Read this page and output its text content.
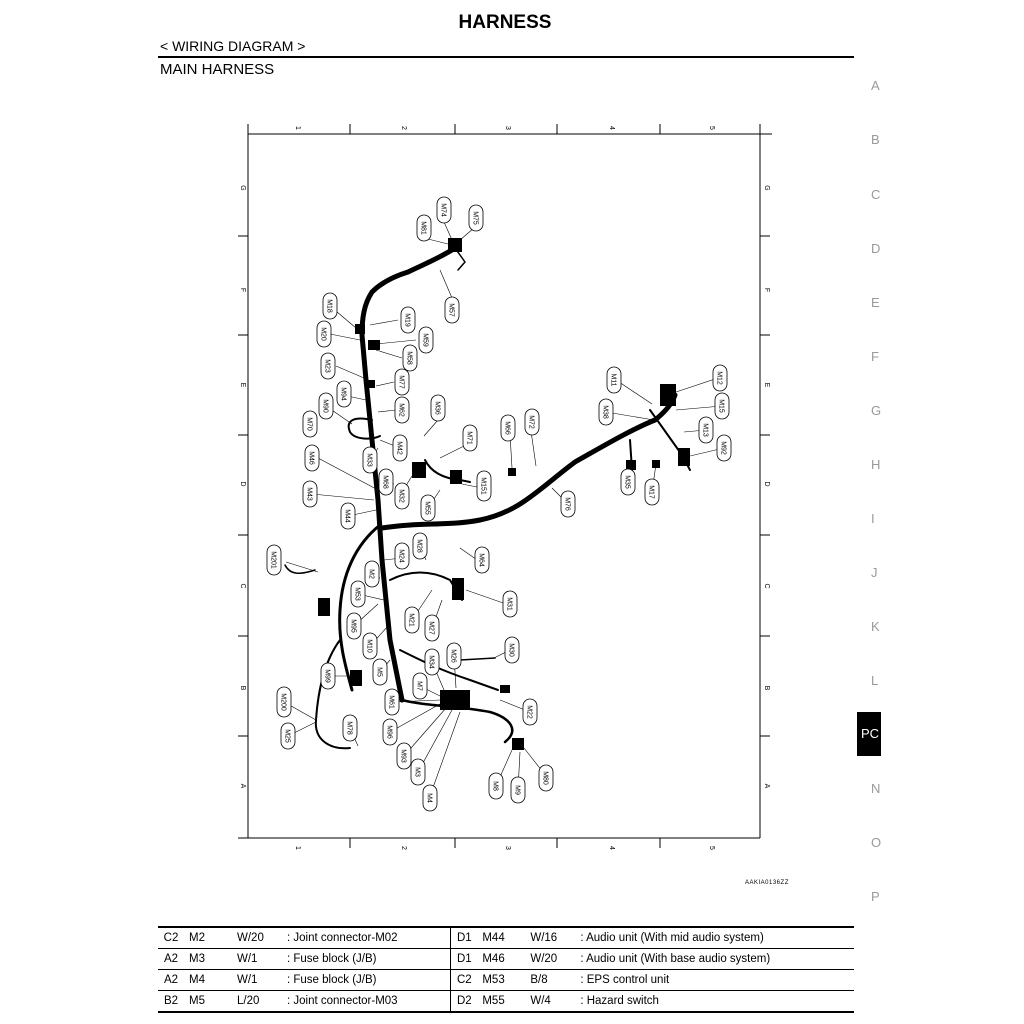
HARNESS
< WIRING DIAGRAM >
MAIN HARNESS
A
B
C
D
E
F
G
H
I
J
K
L
PC
N
O
P
1	2	3	4	5
1	2	3	4	5
G
F
E
D
C
B
A
G
F
E
D
C
B
A
M81
M74
M75
M57
M18
M19
M20	M59
M58
M23
M77
M94
M90	M62	M36
M70
M42
M71
M33
M66 M72
M46
M68
M43	M32
M151
M55
M44
M24
M28
M64
M201
M2
M53
M31
M21
M95	M27
M10	M30
M26
M5
M34
M99
M7
M200	M61
M22
M78	M96
M25
M93
M3
M4
M8 M9
M80
M11	M12
M38	M15
M13
M92
M35
M17
M76
AAKIA0136ZZ
C2	M2	W/20	: Joint connector-M02	D1	M44	W/16	: Audio unit (With mid audio system)
A2	M3	W/1	: Fuse block (J/B)	D1	M46	W/20	: Audio unit (With base audio system)
A2	M4	W/1	: Fuse block (J/B)	C2	M53	B/8	: EPS control unit
B2	M5	L/20	: Joint connector-M03	D2	M55	W/4	: Hazard switch
